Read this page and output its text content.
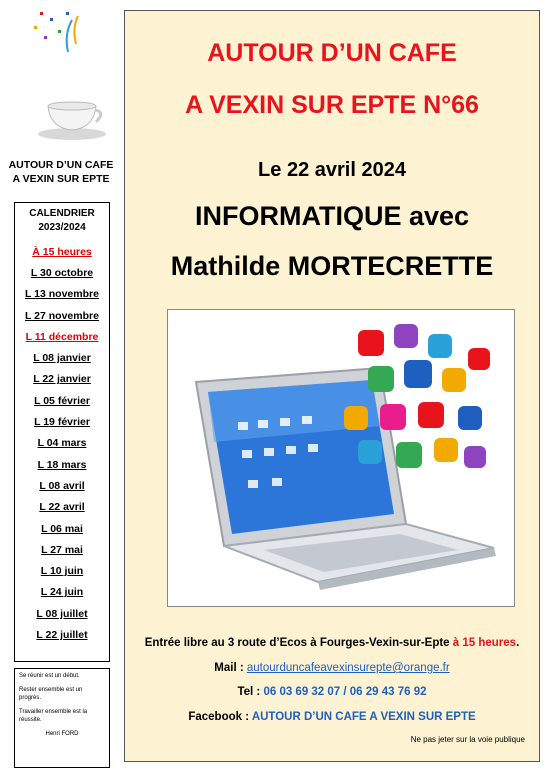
AUTOUR D’UN CAFE
A VEXIN SUR EPTE
CALENDRIER
2023/2024
À 15 heures
L 30 octobre
L 13 novembre
L 27 novembre
L 11 décembre
L 08 janvier
L 22 janvier
L 05 février
L 19 février
L 04 mars
L 18 mars
L 08 avril
L 22 avril
L 06 mai
L 27 mai
L 10 juin
L 24 juin
L 08 juillet
L 22 juillet

Se réunir est un début.

Rester ensemble est un progrès.

Travailler ensemble est la réussite.

Henri FORD
AUTOUR D’UN CAFE
A VEXIN SUR EPTE N°66
Le 22 avril 2024
INFORMATIQUE avec
Mathilde MORTECRETTE
Entrée libre au 3 route d’Ecos à Fourges-Vexin-sur-Epte à 15 heures.
Mail : autourduncafeavexinsurepte@orange.fr
Tel : 06 03 69 32 07 / 06 29 43 76 92
Facebook : AUTOUR D’UN CAFE A VEXIN SUR EPTE
Ne pas jeter sur la voie publique
